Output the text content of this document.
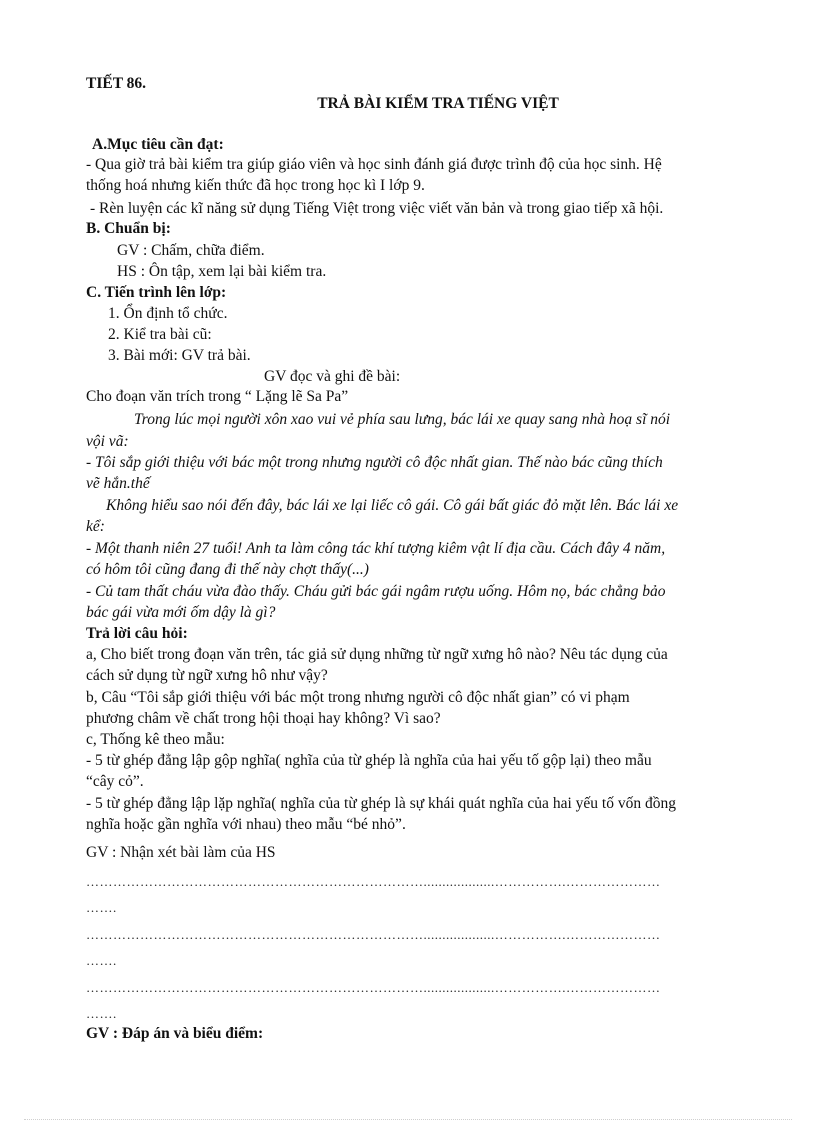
TIẾT 86.
TRẢ BÀI KIỂM TRA TIẾNG VIỆT
A.Mục tiêu cần đạt:
- Qua giờ trả bài kiểm tra giúp giáo viên và học sinh đánh giá được trình độ của học sinh. Hệ
thống hoá nhưng kiến thức đã học trong học kì I lớp 9.
- Rèn luyện các kĩ năng sử dụng Tiếng Việt trong việc viết văn bản và trong giao tiếp xã hội.
B. Chuẩn bị:
GV : Chấm, chữa điểm.
HS : Ôn tập, xem lại bài kiểm tra.
C. Tiến trình lên lớp:
1. Ổn định tổ chức.
2. Kiể tra bài cũ:
3. Bài mới: GV trả bài.
GV đọc và ghi đề bài:
Cho đoạn văn trích trong “ Lặng lẽ Sa Pa”
Trong lúc mọi người xôn xao vui vẻ phía sau lưng, bác lái xe quay sang nhà hoạ sĩ nói
vội vã:
- Tôi sắp giới thiệu với bác một trong nhưng người cô độc nhất gian. Thế nào bác cũng thích
vẽ hắn.thế
Không hiểu sao nói đến đây, bác lái xe lại liếc cô gái. Cô gái bất giác đỏ mặt lên. Bác lái xe
kể:
- Một thanh niên 27 tuổi! Anh ta làm công tác khí tượng kiêm vật lí địa cầu. Cách đây 4 năm,
có hôm tôi cũng đang đi thế này chợt thấy(...)
- Củ tam thất cháu vừa đào thấy. Cháu gửi bác gái ngâm rượu uống. Hôm nọ, bác chẳng bảo
bác gái vừa mới ốm dậy là gì?
Trả lời câu hỏi:
a, Cho biết trong đoạn văn trên, tác giả sử dụng những từ ngữ xưng hô nào? Nêu tác dụng của
cách sử dụng từ ngữ xưng hô như vậy?
b, Câu “Tôi sắp giới thiệu với bác một trong nhưng người cô độc nhất gian” có vi phạm
phương châm về chất trong hội thoại hay không? Vì sao?
c, Thống kê theo mẫu:
- 5 từ ghép đẳng lập gộp nghĩa( nghĩa của từ ghép là nghĩa của hai yếu tố gộp lại) theo mẫu
“cây cỏ”.
- 5 từ ghép đẳng lập lặp nghĩa( nghĩa của từ ghép là sự khái quát nghĩa của hai yếu tố vốn đồng
nghĩa hoặc gần nghĩa với nhau) theo mẫu “bé nhỏ”.
GV : Nhận xét bài làm của HS
…………………………………………………………………...................…………….…………………
…….
…………………………………………………………………...................…………….…………………
…….
…………………………………………………………………...................…………….…………………
…….
GV : Đáp án và biểu điểm:
